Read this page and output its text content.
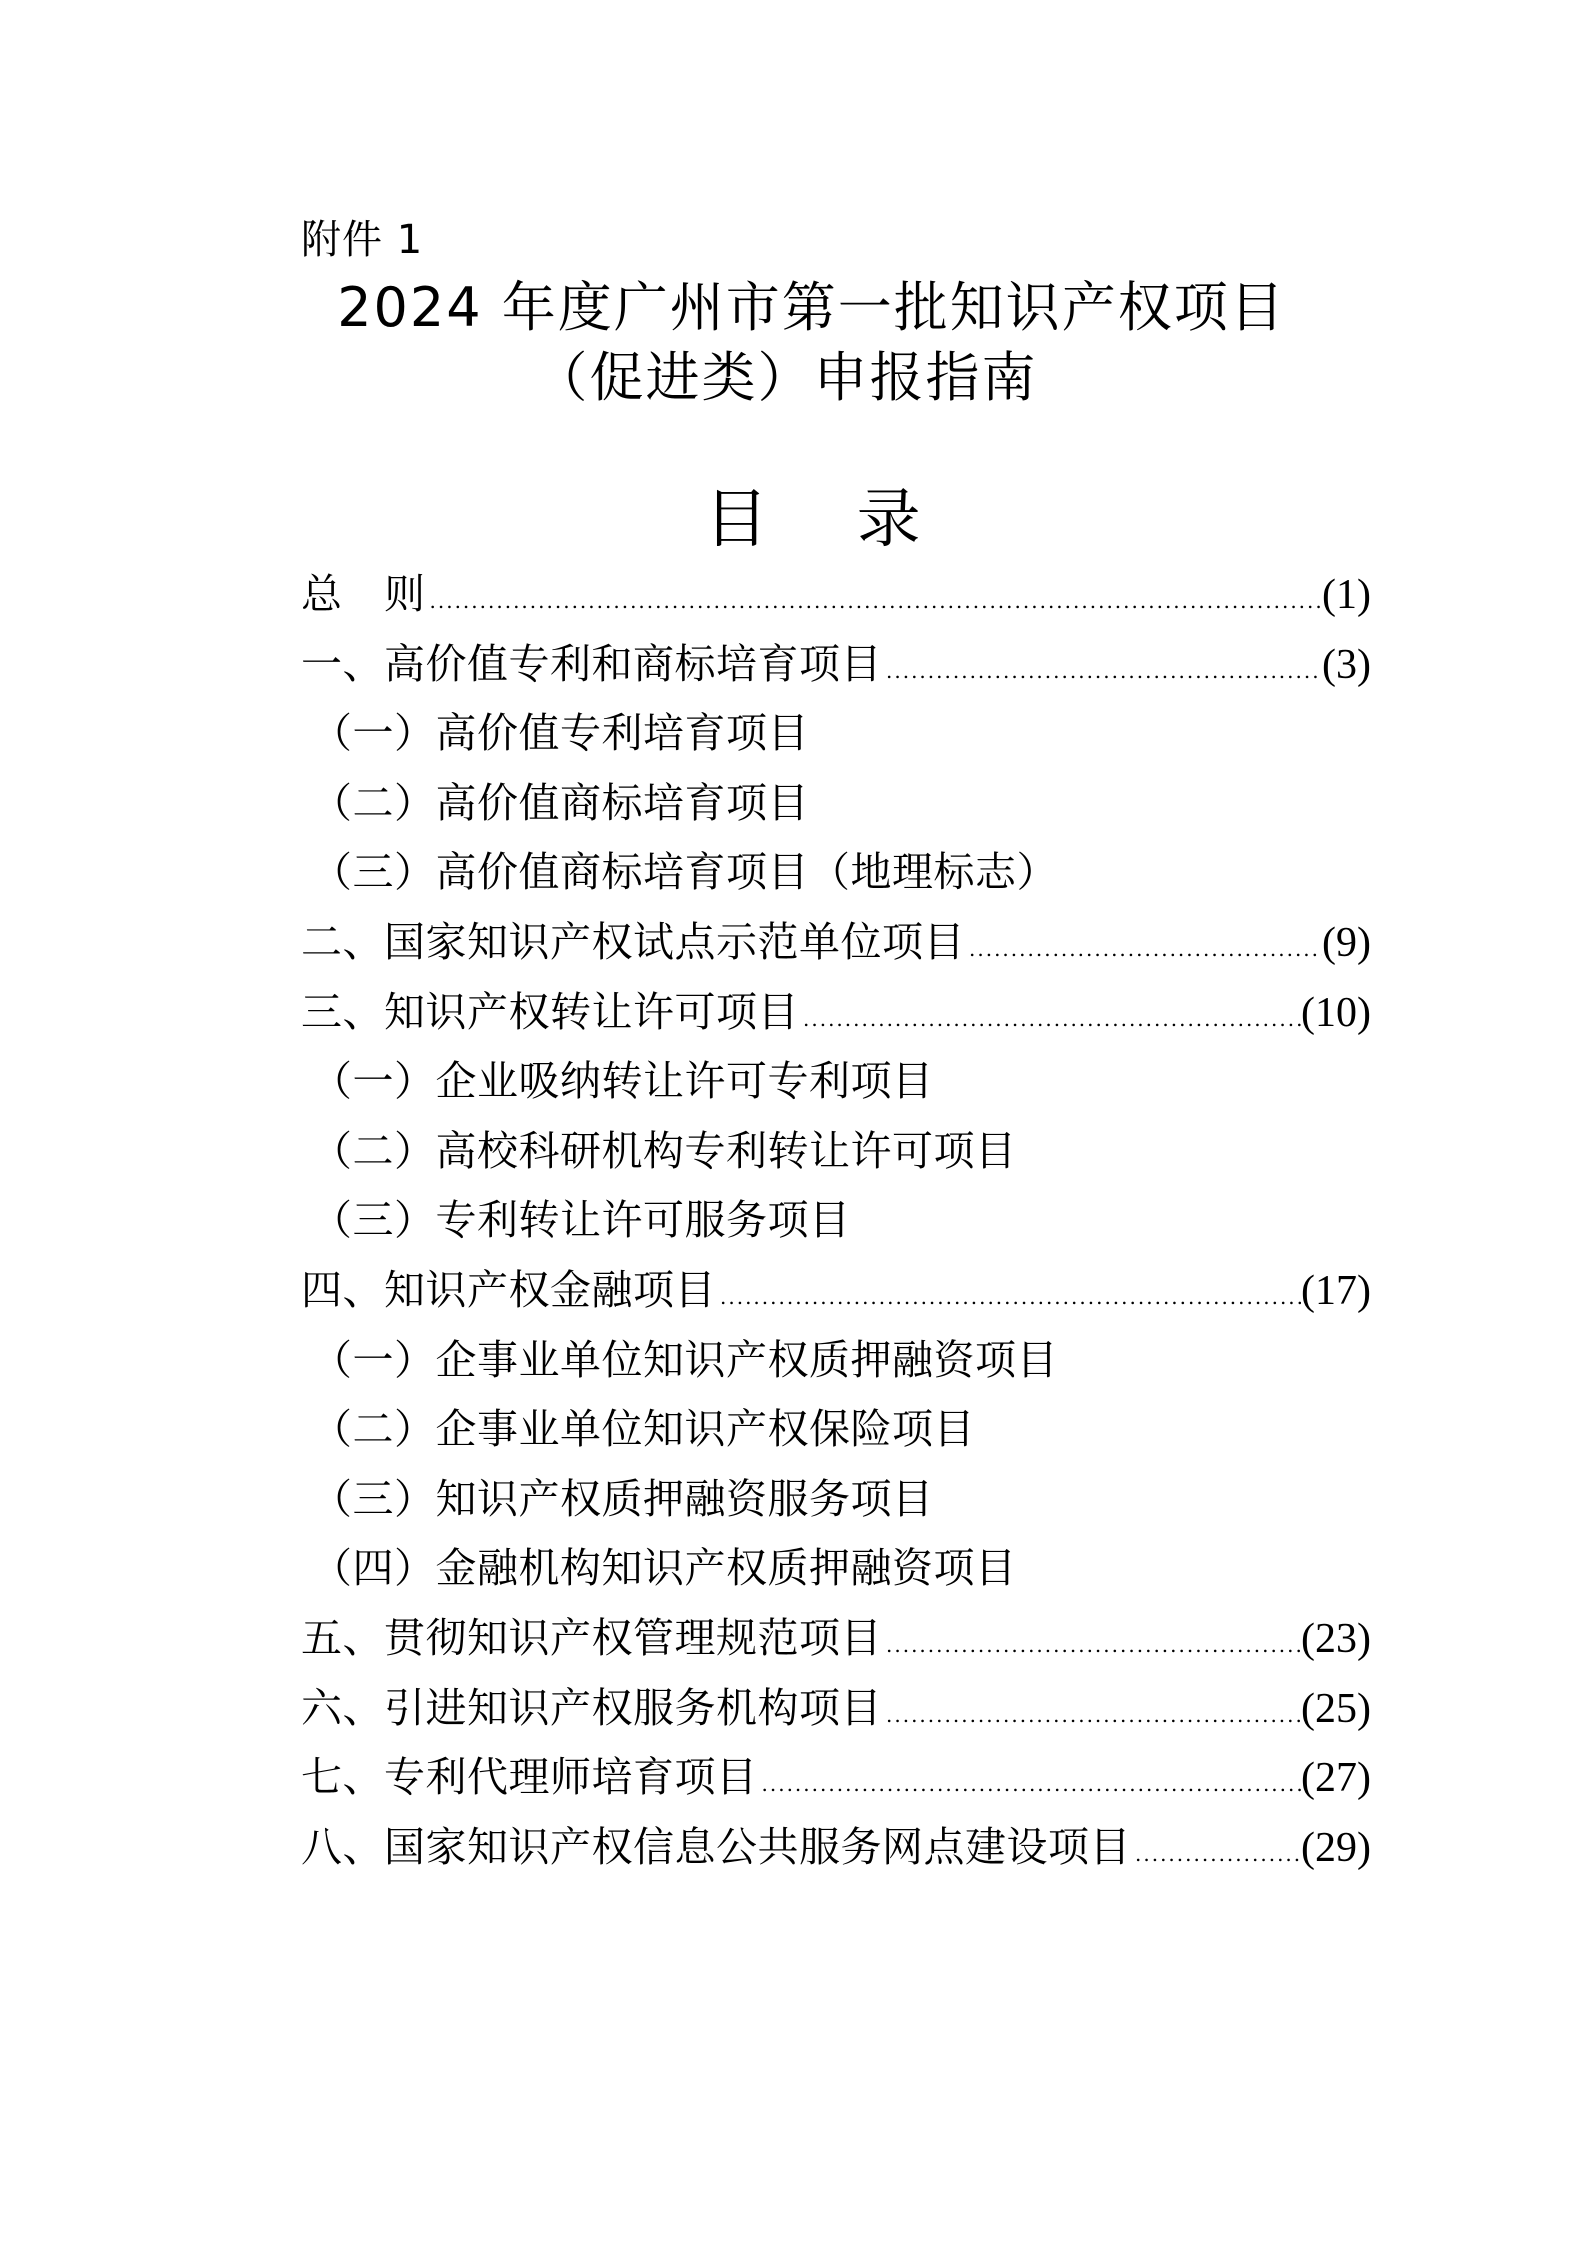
附件 1
2024 年度广州市第一批知识产权项目
（促进类）申报指南
目 录
总　则 .....	(1)
一、高价值专利和商标培育项目 .....	(3)
（一）高价值专利培育项目
（二）高价值商标培育项目
（三）高价值商标培育项目（地理标志）
二、国家知识产权试点示范单位项目 .....	(9)
三、知识产权转让许可项目 .....	(10)
（一）企业吸纳转让许可专利项目
（二）高校科研机构专利转让许可项目
（三）专利转让许可服务项目
四、知识产权金融项目 .....	(17)
（一）企事业单位知识产权质押融资项目
（二）企事业单位知识产权保险项目
（三）知识产权质押融资服务项目
（四）金融机构知识产权质押融资项目
五、贯彻知识产权管理规范项目 .....	(23)
六、引进知识产权服务机构项目 .....	(25)
七、专利代理师培育项目 .....	(27)
八、国家知识产权信息公共服务网点建设项目 .....	(29)
